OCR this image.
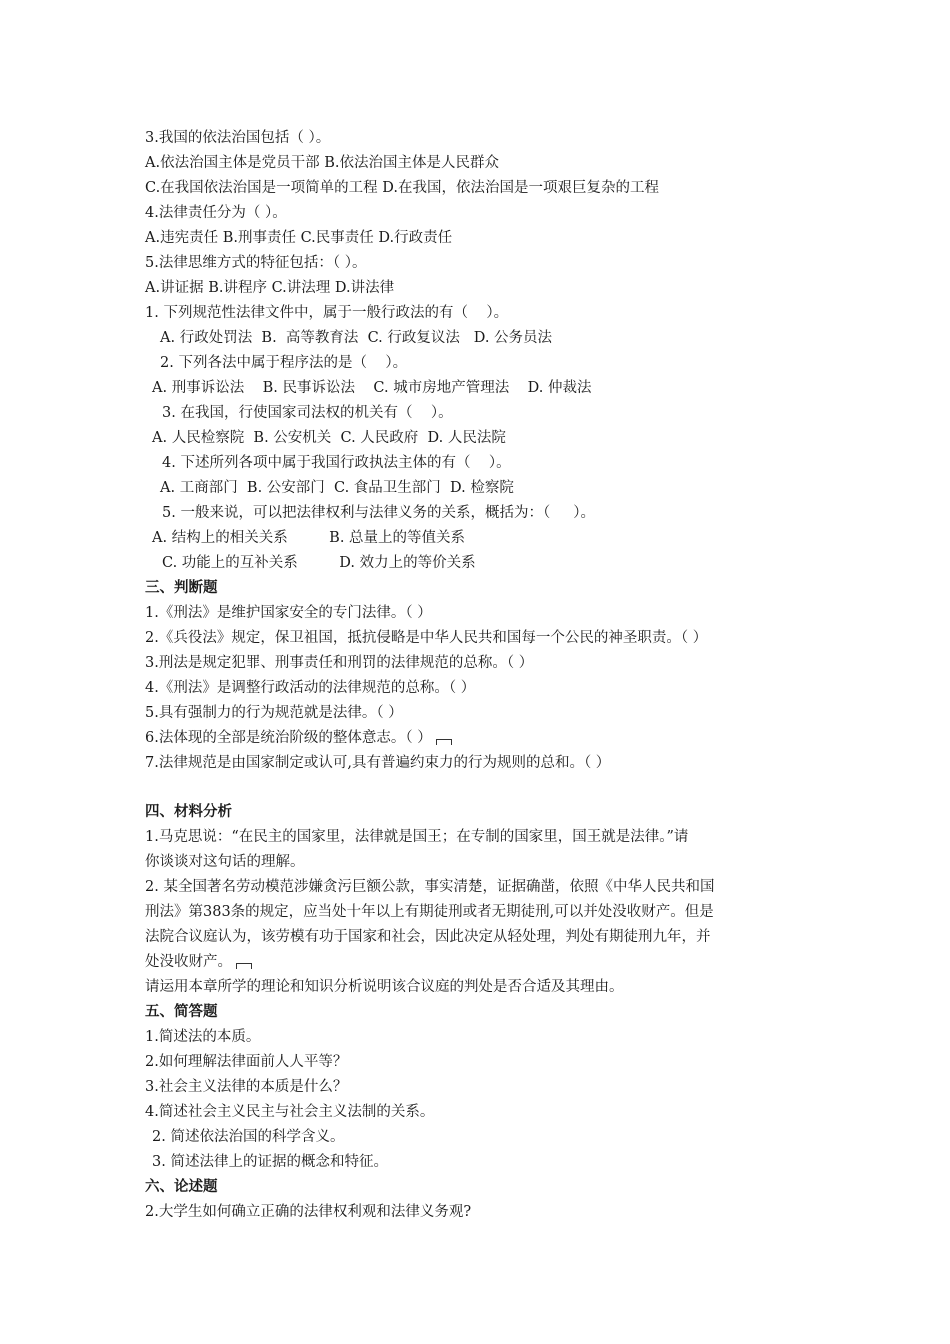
3.我国的依法治国包括（ ）。
A.依法治国主体是党员干部 B.依法治国主体是人民群众
C.在我国依法治国是一项简单的工程 D.在我国，依法治国是一项艰巨复杂的工程
4.法律责任分为（ ）。
A.违宪责任 B.刑事责任 C.民事责任 D.行政责任
5.法律思维方式的特征包括：（ ）。
A.讲证据 B.讲程序 C.讲法理 D.讲法律
1. 下列规范性法律文件中，属于一般行政法的有（    ）。
A. 行政处罚法  B.  高等教育法  C. 行政复议法   D. 公务员法
2. 下列各法中属于程序法的是（    ）。
A. 刑事诉讼法    B. 民事诉讼法    C. 城市房地产管理法    D. 仲裁法
3. 在我国，行使国家司法权的机关有（    ）。
A. 人民检察院  B. 公安机关  C. 人民政府  D. 人民法院
4. 下述所列各项中属于我国行政执法主体的有（    ）。
A. 工商部门  B. 公安部门  C. 食品卫生部门  D. 检察院
5. 一般来说，可以把法律权利与法律义务的关系，概括为：（     ）。
A. 结构上的相关关系         B. 总量上的等值关系
C. 功能上的互补关系         D. 效力上的等价关系
三、判断题
1.《刑法》是维护国家安全的专门法律。（ ）
2.《兵役法》规定，保卫祖国，抵抗侵略是中华人民共和国每一个公民的神圣职责。（ ）
3.刑法是规定犯罪、刑事责任和刑罚的法律规范的总称。（ ）
4.《刑法》是调整行政活动的法律规范的总称。（ ）
5.具有强制力的行为规范就是法律。（ ）
6.法体现的全部是统治阶级的整体意志。（ ）
7.法律规范是由国家制定或认可,具有普遍约束力的行为规则的总和。（ ）
四、材料分析
1.马克思说：“在民主的国家里，法律就是国王；在专制的国家里，国王就是法律。”请
你谈谈对这句话的理解。
2. 某全国著名劳动模范涉嫌贪污巨额公款，事实清楚，证据确凿，依照《中华人民共和国
刑法》第383条的规定，应当处十年以上有期徒刑或者无期徒刑,可以并处没收财产。但是
法院合议庭认为，该劳模有功于国家和社会，因此决定从轻处理，判处有期徒刑九年，并
处没收财产。
请运用本章所学的理论和知识分析说明该合议庭的判处是否合适及其理由。
五、简答题
1.简述法的本质。
2.如何理解法律面前人人平等？
3.社会主义法律的本质是什么？
4.简述社会主义民主与社会主义法制的关系。
2. 简述依法治国的科学含义。
3. 简述法律上的证据的概念和特征。
六、论述题
2.大学生如何确立正确的法律权利观和法律义务观?
